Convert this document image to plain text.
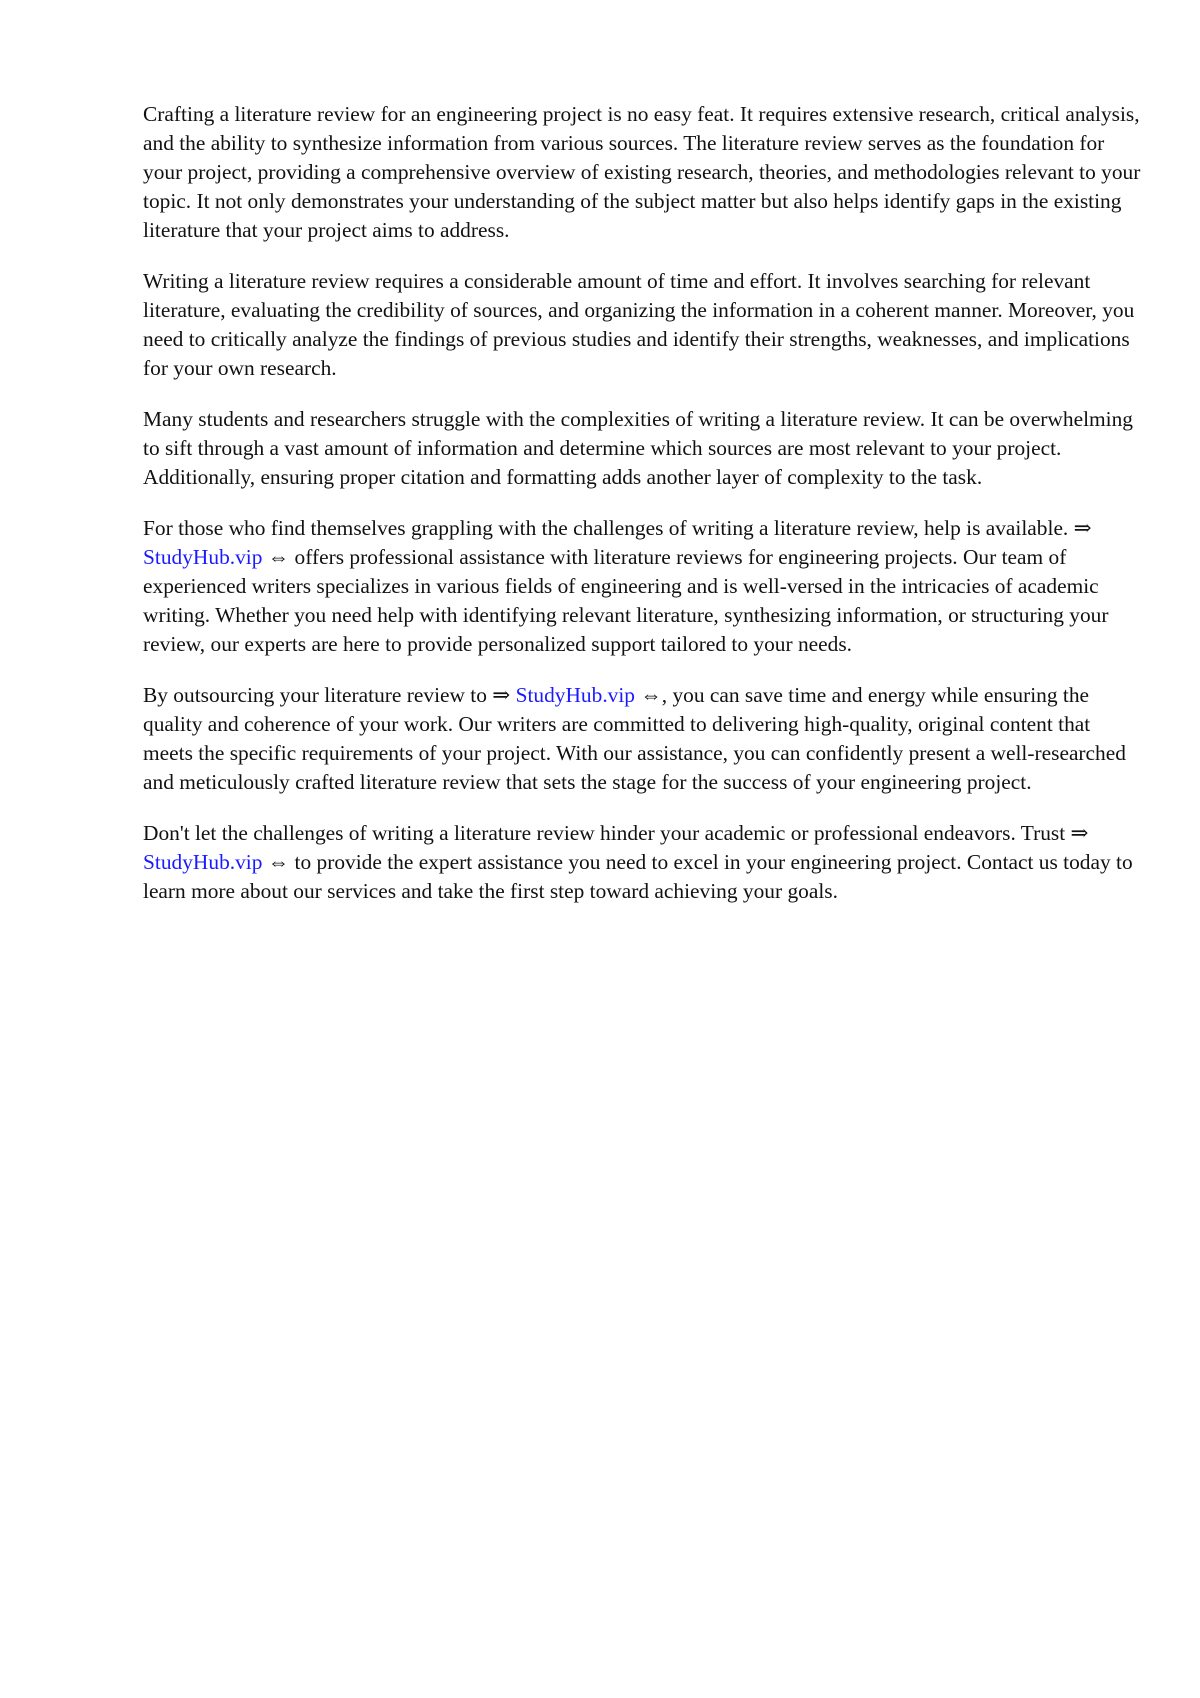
Crafting a literature review for an engineering project is no easy feat. It requires extensive research, critical analysis, and the ability to synthesize information from various sources. The literature review serves as the foundation for your project, providing a comprehensive overview of existing research, theories, and methodologies relevant to your topic. It not only demonstrates your understanding of the subject matter but also helps identify gaps in the existing literature that your project aims to address.

Writing a literature review requires a considerable amount of time and effort. It involves searching for relevant literature, evaluating the credibility of sources, and organizing the information in a coherent manner. Moreover, you need to critically analyze the findings of previous studies and identify their strengths, weaknesses, and implications for your own research.

Many students and researchers struggle with the complexities of writing a literature review. It can be overwhelming to sift through a vast amount of information and determine which sources are most relevant to your project. Additionally, ensuring proper citation and formatting adds another layer of complexity to the task.

For those who find themselves grappling with the challenges of writing a literature review, help is available. ⇒ StudyHub.vip ⇔ offers professional assistance with literature reviews for engineering projects. Our team of experienced writers specializes in various fields of engineering and is well-versed in the intricacies of academic writing. Whether you need help with identifying relevant literature, synthesizing information, or structuring your review, our experts are here to provide personalized support tailored to your needs.

By outsourcing your literature review to ⇒ StudyHub.vip ⇔, you can save time and energy while ensuring the quality and coherence of your work. Our writers are committed to delivering high-quality, original content that meets the specific requirements of your project. With our assistance, you can confidently present a well-researched and meticulously crafted literature review that sets the stage for the success of your engineering project.

Don't let the challenges of writing a literature review hinder your academic or professional endeavors. Trust ⇒ StudyHub.vip ⇔ to provide the expert assistance you need to excel in your engineering project. Contact us today to learn more about our services and take the first step toward achieving your goals.
